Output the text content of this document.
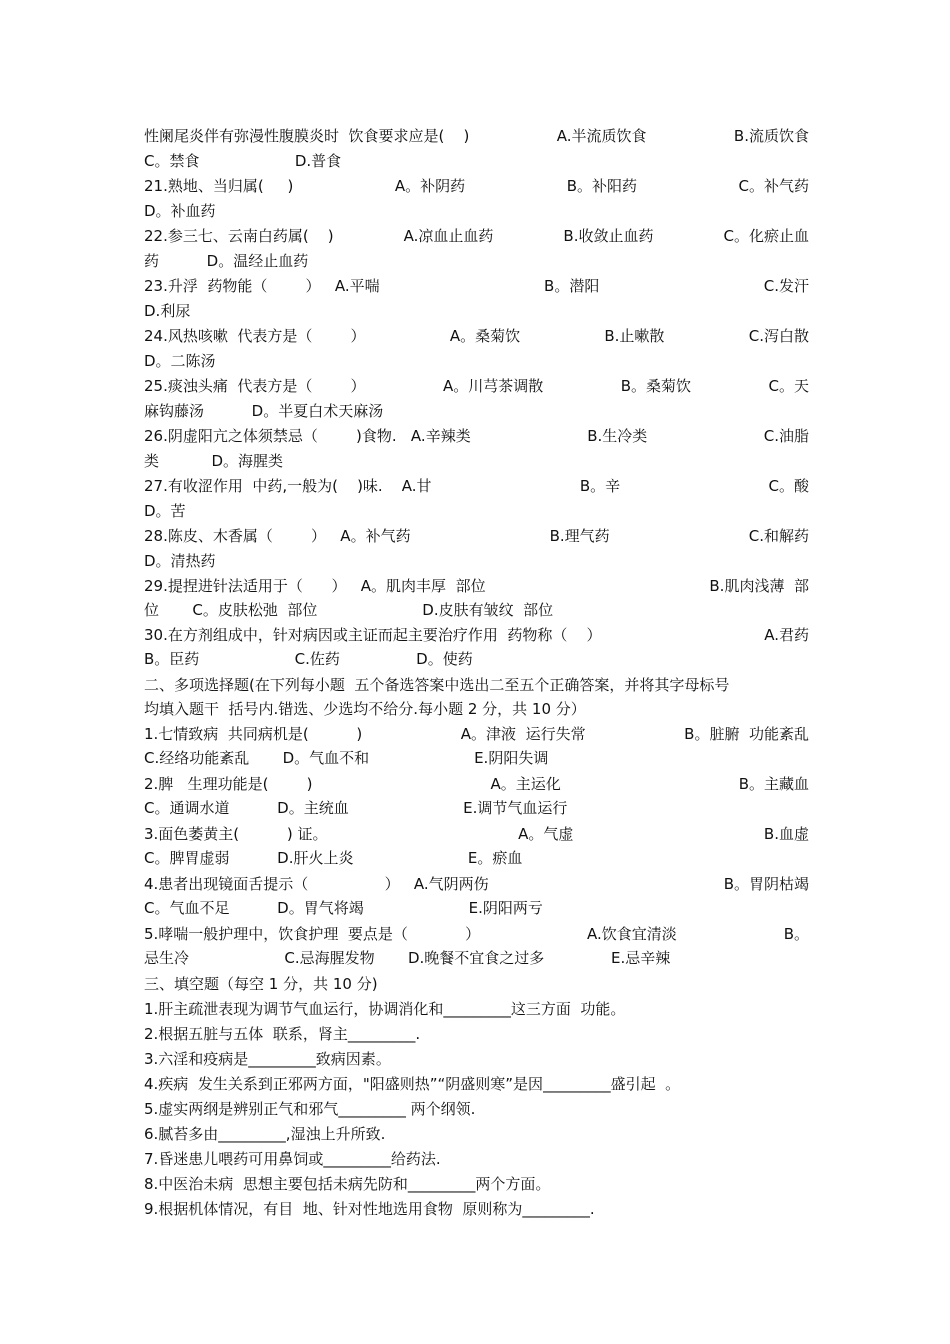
性阑尾炎伴有弥漫性腹膜炎时  饮食要求应是(    )	A.半流质饮食	B.流质饮食
C。禁食                    D.普食
21.熟地、当归属(     )	A。补阴药	B。补阳药	C。补气药
D。补血药
22.参三七、云南白药属(    )	A.凉血止血药	B.收敛止血药	C。化瘀止血
药          D。温经止血药
23.升浮  药物能（        ）   A.平喘	B。潜阳	C.发汗
D.利尿
24.风热咳嗽  代表方是（        ）	A。桑菊饮	B.止嗽散	C.泻白散
D。二陈汤
25.痰浊头痛  代表方是（        ）	A。川芎茶调散	B。桑菊饮	C。天
麻钩藤汤          D。半夏白术天麻汤
26.阴虚阳亢之体须禁忌（        )食物.   A.辛辣类	B.生冷类	C.油脂
类           D。海腥类
27.有收涩作用  中药,一般为(    )味.    A.甘	B。辛	C。酸
D。苦
28.陈皮、木香属（        ）   A。补气药	B.理气药	C.和解药
D。清热药
29.提捏进针法适用于（      ）   A。肌肉丰厚  部位	B.肌肉浅薄  部
位       C。皮肤松弛  部位                      D.皮肤有皱纹  部位
30.在方剂组成中，针对病因或主证而起主要治疗作用  药物称（    ）	A.君药
B。臣药                    C.佐药                D。使药
二、多项选择题(在下列每小题  五个备选答案中选出二至五个正确答案，并将其字母标号
均填入题干  括号内.错选、少选均不给分.每小题 2 分，共 10 分）
1.七情致病  共同病机是(          )	A。津液  运行失常	B。脏腑  功能紊乱
C.经络功能紊乱       D。气血不和                      E.阴阳失调
2.脾   生理功能是(        )	A。主运化	B。主藏血
C。通调水道          D。主统血                        E.调节气血运行
3.面色萎黄主(          ) 证。	A。气虚	B.血虚
C。脾胃虚弱          D.肝火上炎                        E。瘀血
4.患者出现镜面舌提示（                ）   A.气阴两伤	B。胃阴枯竭
C。气血不足          D。胃气将竭                      E.阴阳两亏
5.哮喘一般护理中，饮食护理  要点是（            ）	A.饮食宜清淡	B。
忌生冷                    C.忌海腥发物       D.晚餐不宜食之过多              E.忌辛辣
三、填空题（每空 1 分，共 10 分)
1.肝主疏泄表现为调节气血运行，协调消化和_________这三方面  功能。
2.根据五脏与五体  联系，肾主_________.
3.六淫和疫病是_________致病因素。
4.疾病  发生关系到正邪两方面，"阳盛则热”“阴盛则寒”是因_________盛引起  。
5.虚实两纲是辨别正气和邪气_________ 两个纲领.
6.腻苔多由_________,湿浊上升所致.
7.昏迷患儿喂药可用鼻饲或_________给药法.
8.中医治未病  思想主要包括未病先防和_________两个方面。
9.根据机体情况，有目  地、针对性地选用食物  原则称为_________.
